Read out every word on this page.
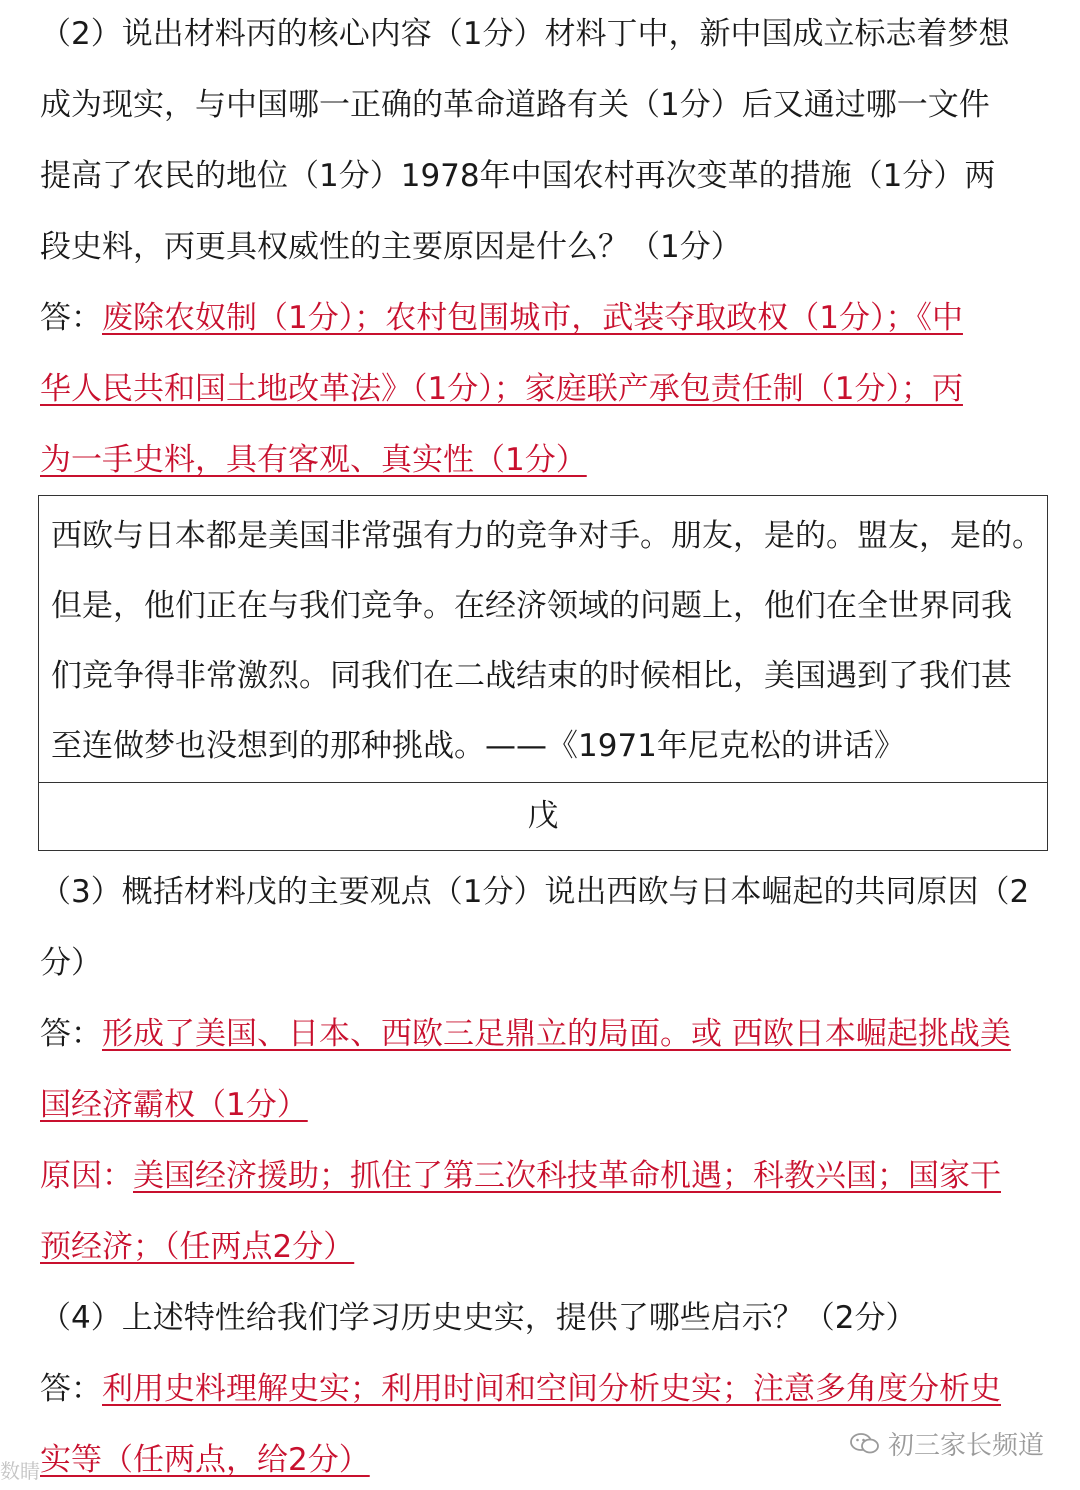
（2）说出材料丙的核心内容（1分）材料丁中，新中国成立标志着梦想
成为现实，与中国哪一正确的革命道路有关（1分）后又通过哪一文件
提高了农民的地位（1分）1978年中国农村再次变革的措施（1分）两
段史料，丙更具权威性的主要原因是什么？（1分）
答：废除农奴制（1分）；农村包围城市，武装夺取政权（1分）；《中
华人民共和国土地改革法》（1分）；家庭联产承包责任制（1分）；丙
为一手史料，具有客观、真实性（1分）
西欧与日本都是美国非常强有力的竞争对手。朋友，是的。盟友，是的。
但是，他们正在与我们竞争。在经济领域的问题上，他们在全世界同我
们竞争得非常激烈。同我们在二战结束的时候相比，美国遇到了我们甚
至连做梦也没想到的那种挑战。——《1971年尼克松的讲话》
戊
（3）概括材料戊的主要观点（1分）说出西欧与日本崛起的共同原因（2
分）
答：形成了美国、日本、西欧三足鼎立的局面。或 西欧日本崛起挑战美
国经济霸权（1分）
原因：美国经济援助；抓住了第三次科技革命机遇；科教兴国；国家干
预经济；（任两点2分）
（4）上述特性给我们学习历史史实，提供了哪些启示？（2分）
答：利用史料理解史实；利用时间和空间分析史实；注意多角度分析史
实等（任两点，给2分）	初三家长频道
数睛
